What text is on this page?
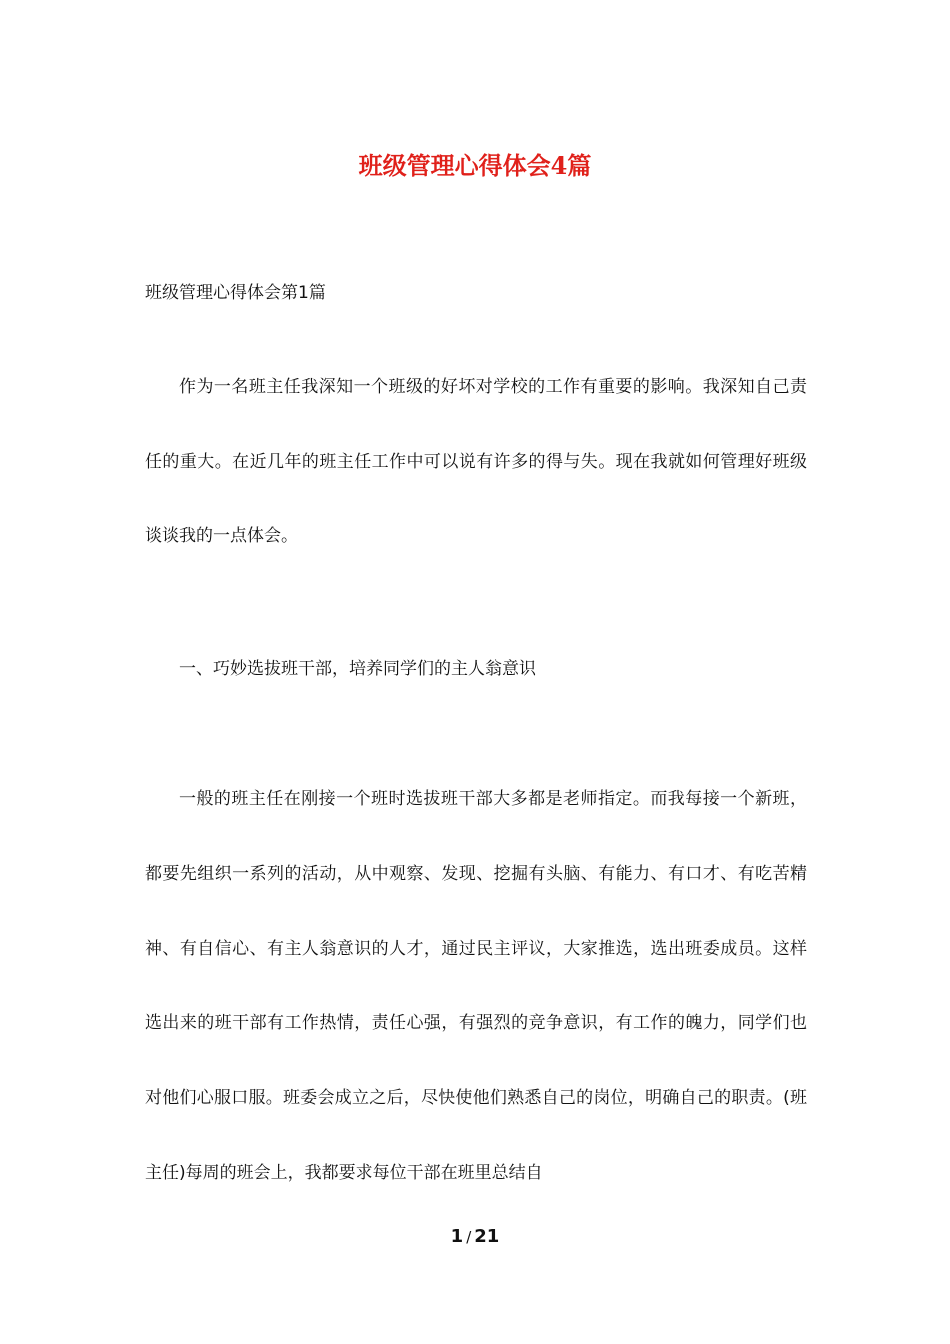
班级管理心得体会4篇

班级管理心得体会第1篇

作为一名班主任我深知一个班级的好坏对学校的工作有重要的影响。我深知自己责任的重大。在近几年的班主任工作中可以说有许多的得与失。现在我就如何管理好班级谈谈我的一点体会。

一、巧妙选拔班干部，培养同学们的主人翁意识

一般的班主任在刚接一个班时选拔班干部大多都是老师指定。而我每接一个新班，都要先组织一系列的活动，从中观察、发现、挖掘有头脑、有能力、有口才、有吃苦精神、有自信心、有主人翁意识的人才，通过民主评议，大家推选，选出班委成员。这样选出来的班干部有工作热情，责任心强，有强烈的竞争意识，有工作的魄力，同学们也对他们心服口服。班委会成立之后，尽快使他们熟悉自己的岗位，明确自己的职责。(班主任)每周的班会上，我都要求每位干部在班里总结自

1 / 21
